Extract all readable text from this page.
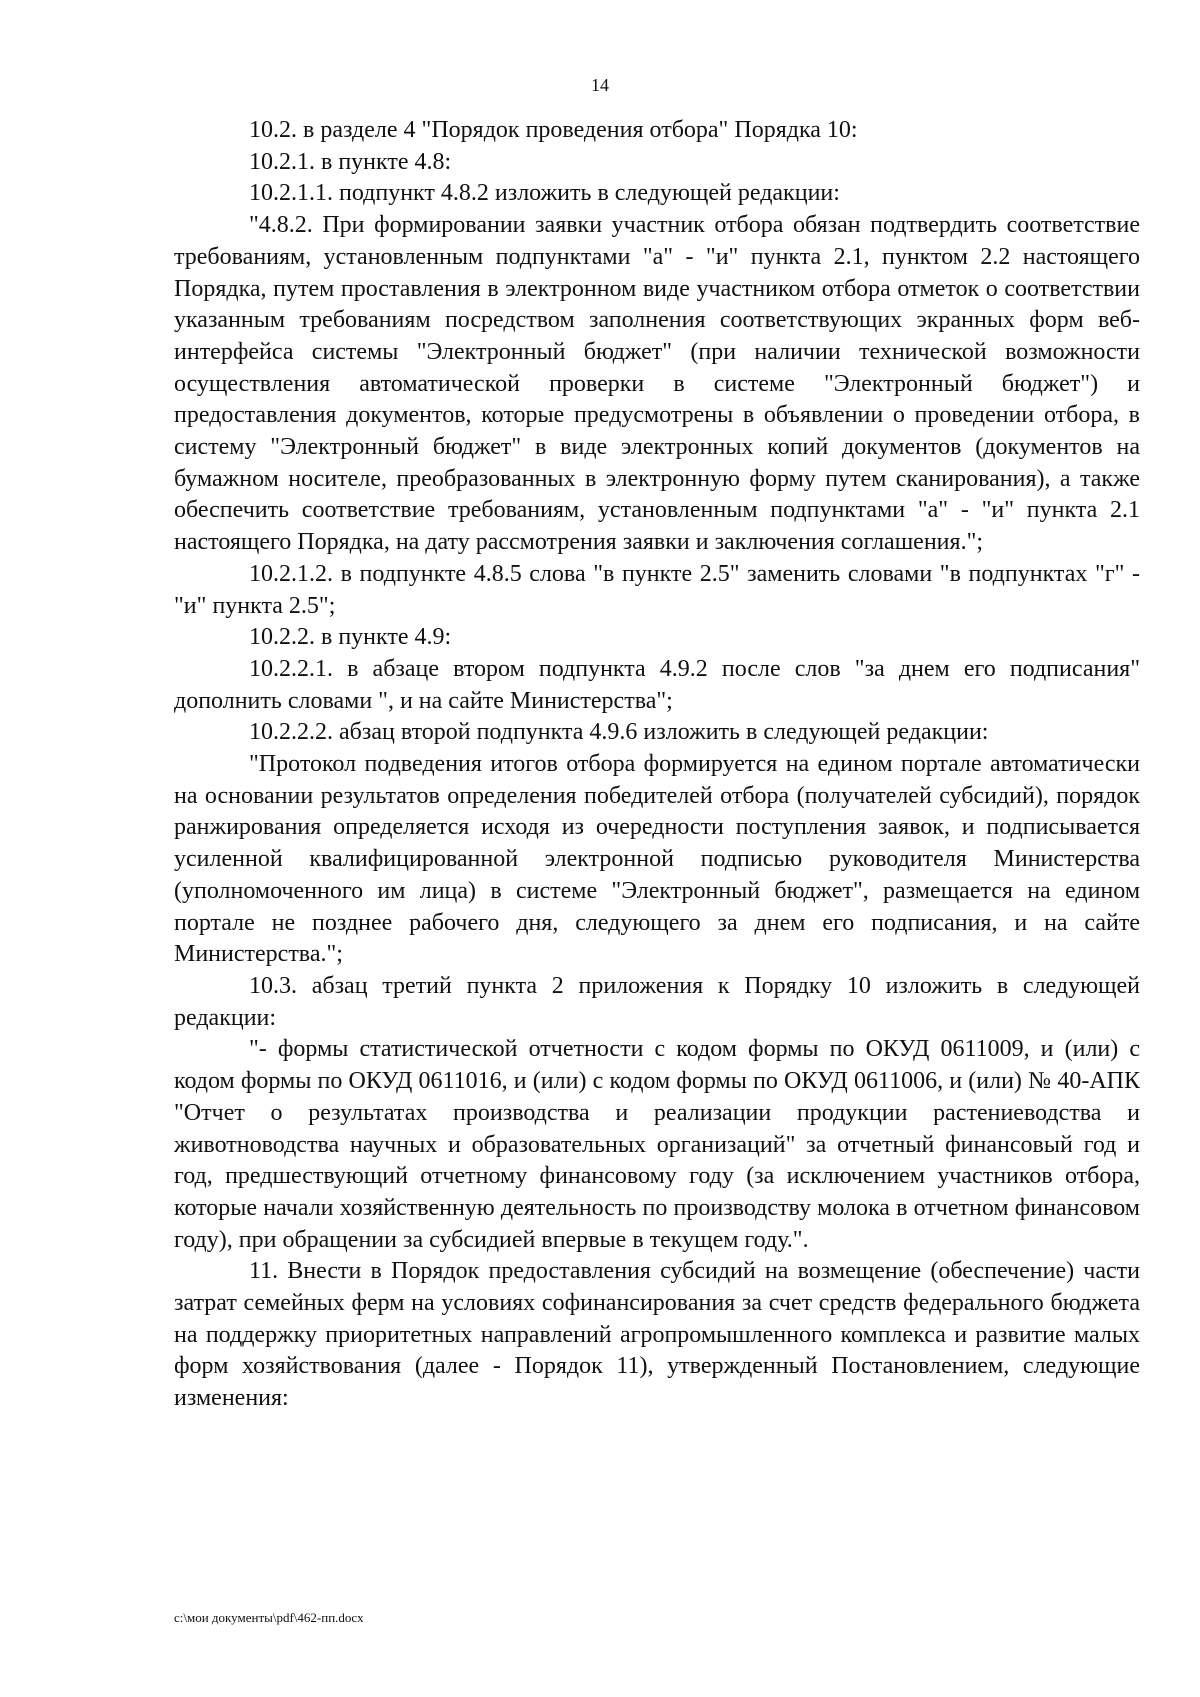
14

10.2. в разделе 4 "Порядок проведения отбора" Порядка 10:

10.2.1. в пункте 4.8:

10.2.1.1. подпункт 4.8.2 изложить в следующей редакции:

"4.8.2. При формировании заявки участник отбора обязан подтвердить соответствие требованиям, установленным подпунктами "а" - "и" пункта 2.1, пунктом 2.2 настоящего Порядка, путем проставления в электронном виде участником отбора отметок о соответствии указанным требованиям посредством заполнения соответствующих экранных форм веб-интерфейса системы "Электронный бюджет" (при наличии технической возможности осуществления автоматической проверки в системе "Электронный бюджет") и предоставления документов, которые предусмотрены в объявлении о проведении отбора, в систему "Электронный бюджет" в виде электронных копий документов (документов на бумажном носителе, преобразованных в электронную форму путем сканирования), а также обеспечить соответствие требованиям, установленным подпунктами "а" - "и" пункта 2.1 настоящего Порядка, на дату рассмотрения заявки и заключения соглашения.";

10.2.1.2. в подпункте 4.8.5 слова "в пункте 2.5" заменить словами "в подпунктах "г" - "и" пункта 2.5";

10.2.2. в пункте 4.9:

10.2.2.1. в абзаце втором подпункта 4.9.2 после слов "за днем его подписания" дополнить словами ", и на сайте Министерства";

10.2.2.2. абзац второй подпункта 4.9.6 изложить в следующей редакции:

"Протокол подведения итогов отбора формируется на едином портале автоматически на основании результатов определения победителей отбора (получателей субсидий), порядок ранжирования определяется исходя из очередности поступления заявок, и подписывается усиленной квалифицированной электронной подписью руководителя Министерства (уполномоченного им лица) в системе "Электронный бюджет", размещается на едином портале не позднее рабочего дня, следующего за днем его подписания, и на сайте Министерства.";

10.3. абзац третий пункта 2 приложения к Порядку 10 изложить в следующей редакции:

"- формы статистической отчетности с кодом формы по ОКУД 0611009, и (или) с кодом формы по ОКУД 0611016, и (или) с кодом формы по ОКУД 0611006, и (или) № 40-АПК "Отчет о результатах производства и реализации продукции растениеводства и животноводства научных и образовательных организаций" за отчетный финансовый год и год, предшествующий отчетному финансовому году (за исключением участников отбора, которые начали хозяйственную деятельность по производству молока в отчетном финансовом году), при обращении за субсидией впервые в текущем году.".

11. Внести в Порядок предоставления субсидий на возмещение (обеспечение) части затрат семейных ферм на условиях софинансирования за счет средств федерального бюджета на поддержку приоритетных направлений агропромышленного комплекса и развитие малых форм хозяйствования (далее - Порядок 11), утвержденный Постановлением, следующие изменения:

c:\мои документы\pdf\462-пп.docx
